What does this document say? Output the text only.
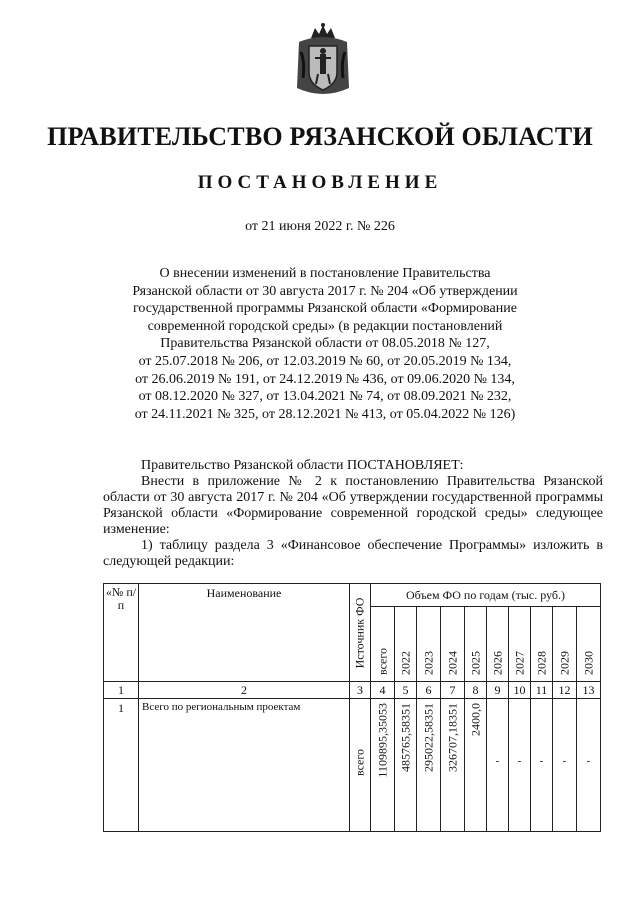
ПРАВИТЕЛЬСТВО РЯЗАНСКОЙ ОБЛАСТИ
ПОСТАНОВЛЕНИЕ
от 21 июня 2022 г. № 226
О внесении изменений в постановление Правительства
Рязанской области от 30 августа 2017 г. № 204 «Об утверждении
государственной программы Рязанской области «Формирование
современной городской среды» (в редакции постановлений
Правительства Рязанской области от 08.05.2018 № 127,
от 25.07.2018 № 206, от 12.03.2019 № 60, от 20.05.2019 № 134,
от 26.06.2019 № 191, от 24.12.2019 № 436, от 09.06.2020 № 134,
от 08.12.2020 № 327, от 13.04.2021 № 74, от 08.09.2021 № 232,
от 24.11.2021 № 325, от 28.12.2021 № 413, от 05.04.2022 № 126)

Правительство Рязанской области ПОСТАНОВЛЯЕТ:

Внести в приложение № 2 к постановлению Правительства Рязанской области от 30 августа 2017 г. № 204 «Об утверждении государственной программы Рязанской области «Формирование современной городской среды» следующее изменение:

1) таблицу раздела 3 «Финансовое обеспечение Программы» изложить в следующей редакции:

«№ п/п	Наименование	Источник ФО	Объем ФО по годам (тыс. руб.)									

			всего	2022	2023	2024	2025	2026	2027	2028	2029	2030

1	2	3	4	5	6	7	8	9	10	11	12	13
1	Всего по региональным проектам	всего	1109895,35053	485765,58351	295022,58351	326707,18351	2400,0	-	-	-	-	-
